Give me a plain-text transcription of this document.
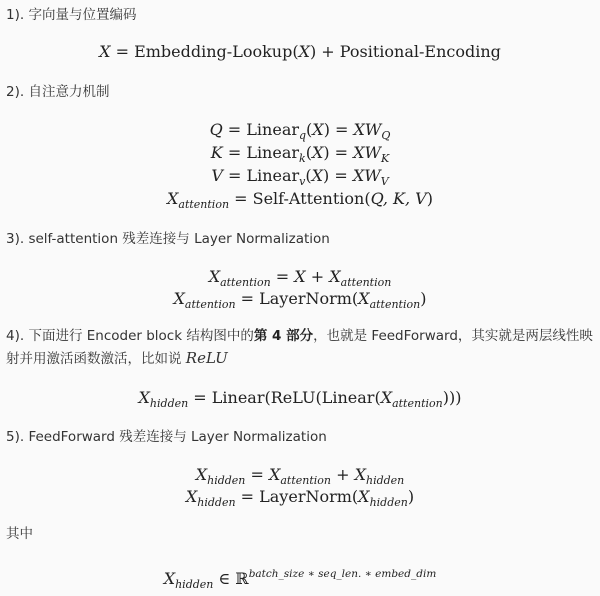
1). 字向量与位置编码
X = Embedding-Lookup(X) + Positional-Encoding
2). 自注意力机制
Q = Linear$_q$(X) = $XW_Q$
K = Linear$_k$(X) = $XW_K$
V = Linear$_v$(X) = $XW_V$
$X_{attention}$ = Self-Attention(Q, K, V)
3). self-attention 残差连接与 Layer Normalization
$X_{attention} = X + X_{attention}$
$X_{attention}$ = $LayerNorm(X_{attention})$
4). 下面进行 Encoder block 结构图中的第 4 部分，也就是 FeedForward，其实就是两层线性映射并用激活函数激活，比如说 ReLU
$X_{hidden}$ = $Linear(ReLU(Linear(X_{attention})))$
5). FeedForward 残差连接与 Layer Normalization
$X_{hidden} = X_{attention} + X_{hidden}$
$X_{hidden}$ = $LayerNorm(X_{hidden})$
其中
$X_{hidden}$ ∈ ℝ$^{batch\_size ∗ seq\_len. ∗ embed\_dim}$
